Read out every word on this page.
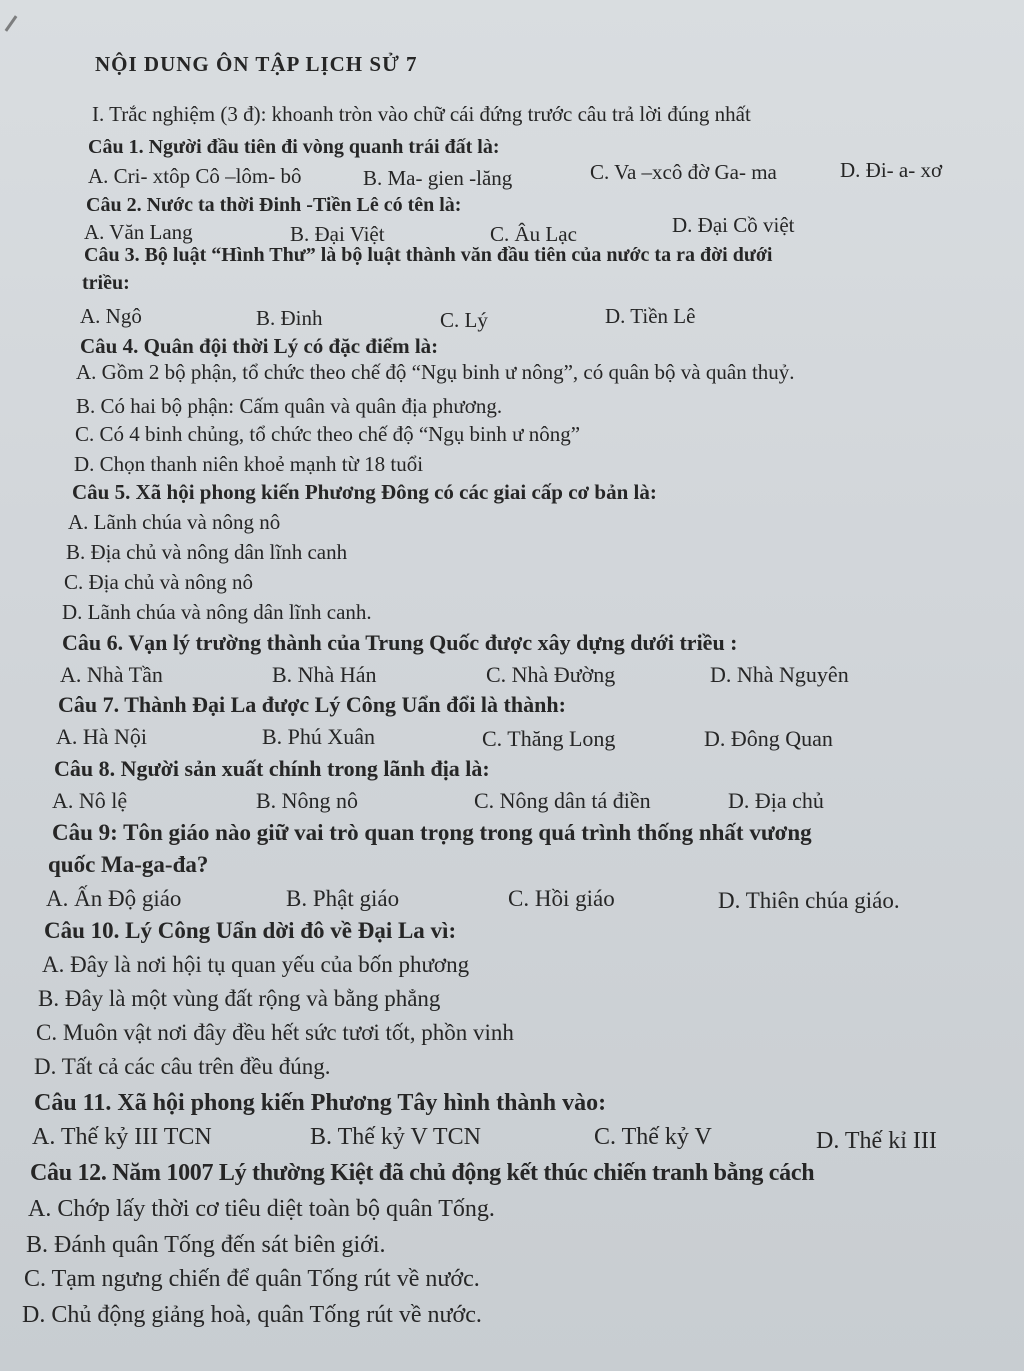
NỘI DUNG ÔN TẬP LỊCH SỬ 7
I. Trắc nghiệm (3 đ): khoanh tròn vào chữ cái đứng trước câu trả lời đúng nhất
Câu 1. Người đầu tiên đi vòng quanh trái đất là:
A. Cri- xtôp Cô –lôm- bô	B. Ma- gien -lăng	C. Va –xcô đờ Ga- ma	D. Đi- a- xơ
Câu 2. Nước ta thời Đinh -Tiền Lê có tên là:
A. Văn Lang	B. Đại Việt	C. Âu Lạc	D. Đại Cồ việt
Câu 3. Bộ luật “Hình Thư” là bộ luật thành văn đầu tiên của nước ta ra đời dưới
triều:
A. Ngô	B. Đinh	C. Lý	D. Tiền Lê
Câu 4. Quân đội thời Lý có đặc điểm là:
A. Gồm 2 bộ phận, tổ chức theo chế độ “Ngụ binh ư nông”, có quân bộ và quân thuỷ.
B. Có hai bộ phận: Cấm quân và quân địa phương.
C. Có 4 binh chủng, tổ chức theo chế độ “Ngụ binh ư nông”
D. Chọn thanh niên khoẻ mạnh từ 18 tuổi
Câu 5. Xã hội phong kiến Phương Đông có các giai cấp cơ bản là:
A. Lãnh chúa và nông nô
B. Địa chủ và nông dân lĩnh canh
C. Địa chủ và nông nô
D. Lãnh chúa và nông dân lĩnh canh.
Câu 6. Vạn lý trường thành của Trung Quốc được xây dựng dưới triều :
A. Nhà Tần	B. Nhà Hán	C. Nhà Đường	D. Nhà Nguyên
Câu 7. Thành Đại La được Lý Công Uẩn đổi là thành:
A. Hà Nội	B. Phú Xuân	C. Thăng Long	D. Đông Quan
Câu 8. Người sản xuất chính trong lãnh địa là:
A. Nô lệ	B. Nông nô	C. Nông dân tá điền	D. Địa chủ
Câu 9: Tôn giáo nào giữ vai trò quan trọng trong quá trình thống nhất vương
quốc Ma-ga-đa?
A. Ấn Độ giáo	B. Phật giáo	C. Hồi giáo	D. Thiên chúa giáo.
Câu 10. Lý Công Uẩn dời đô về Đại La vì:
A. Đây là nơi hội tụ quan yếu của bốn phương
B. Đây là một vùng đất rộng và bằng phẳng
C. Muôn vật nơi đây đều hết sức tươi tốt, phồn vinh
D. Tất cả các câu trên đều đúng.
Câu 11. Xã hội phong kiến Phương Tây hình thành vào:
A. Thế kỷ III TCN	B. Thế kỷ V TCN	C. Thế kỷ V	D. Thế kỉ III
Câu 12. Năm 1007 Lý thường Kiệt đã chủ động kết thúc chiến tranh bằng cách
A. Chớp lấy thời cơ tiêu diệt toàn bộ quân Tống.
B. Đánh quân Tống đến sát biên giới.
C. Tạm ngưng chiến để quân Tống rút về nước.
D. Chủ động giảng hoà, quân Tống rút về nước.
